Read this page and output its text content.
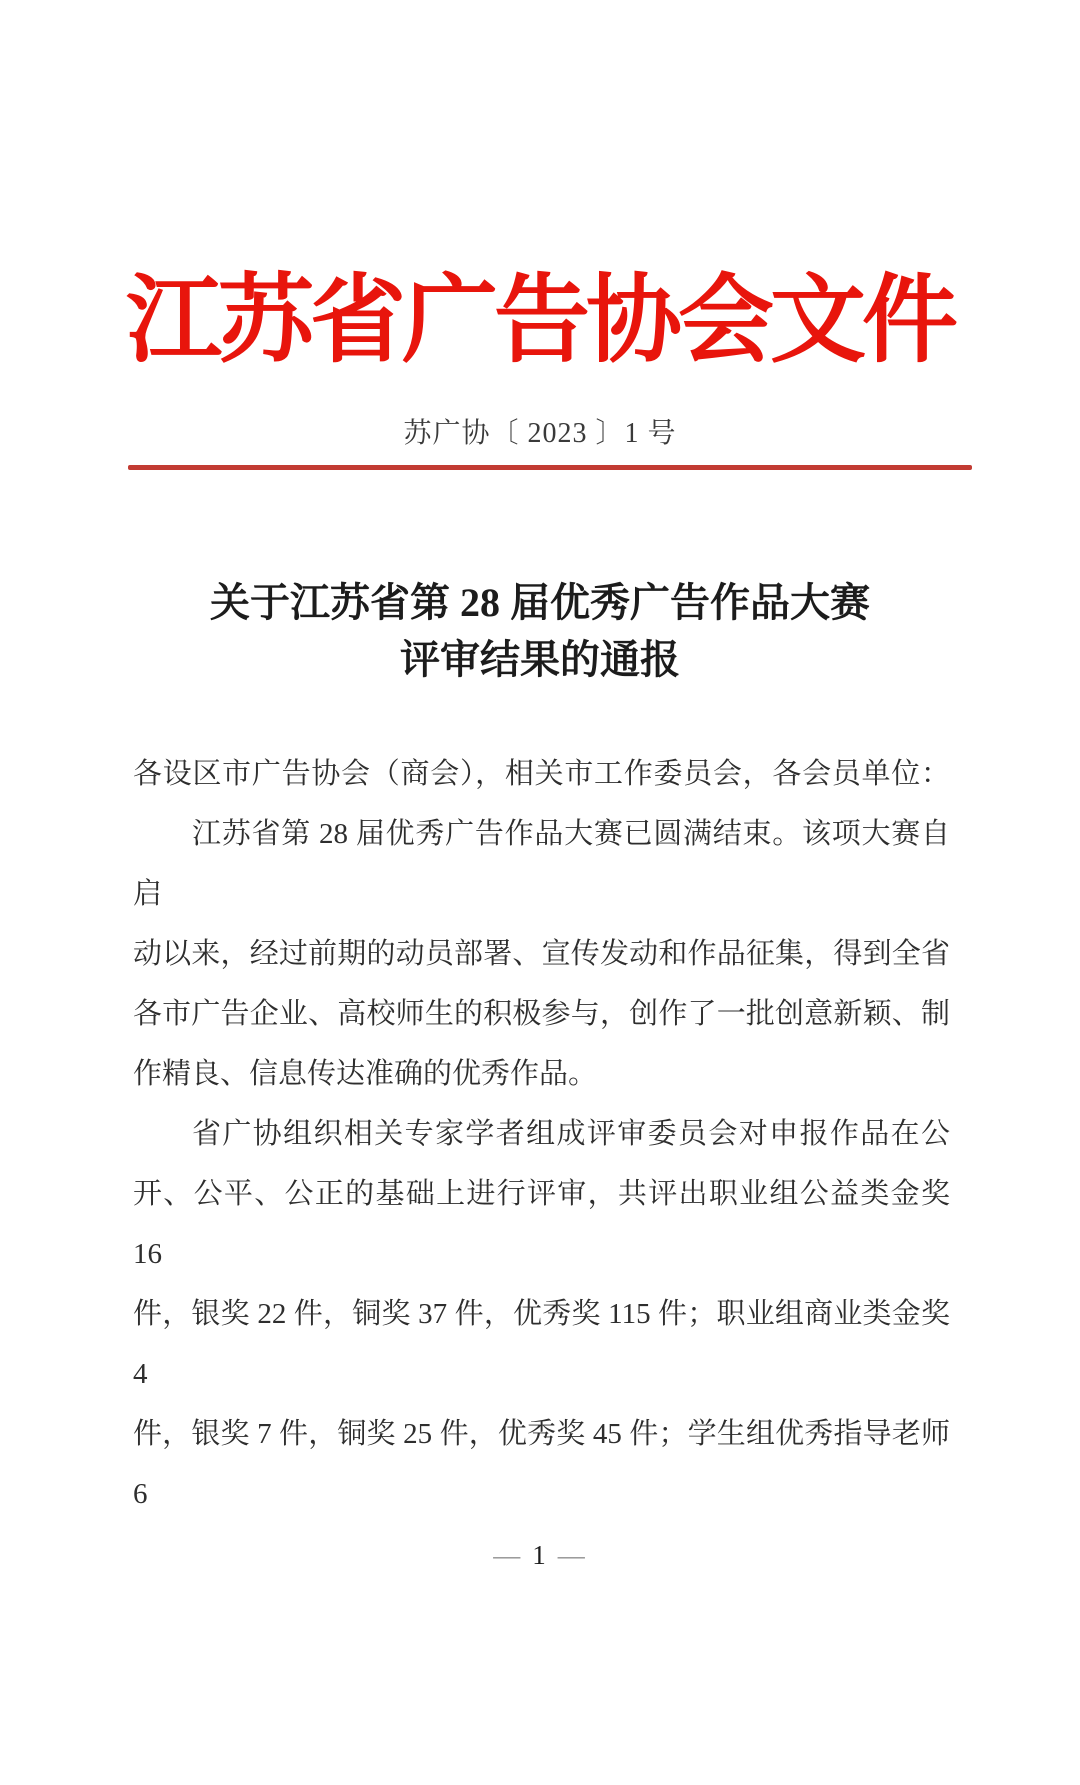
江苏省广告协会文件
苏广协〔 2023 〕1 号
关于江苏省第 28 届优秀广告作品大赛
评审结果的通报
各设区市广告协会（商会），相关市工作委员会，各会员单位：
江苏省第 28 届优秀广告作品大赛已圆满结束。该项大赛自启
动以来，经过前期的动员部署、宣传发动和作品征集，得到全省
各市广告企业、高校师生的积极参与，创作了一批创意新颖、制
作精良、信息传达准确的优秀作品。
省广协组织相关专家学者组成评审委员会对申报作品在公
开、公平、公正的基础上进行评审，共评出职业组公益类金奖 16
件，银奖 22 件，铜奖 37 件，优秀奖 115 件；职业组商业类金奖 4
件，银奖 7 件，铜奖 25 件，优秀奖 45 件；学生组优秀指导老师 6
— 1 —
